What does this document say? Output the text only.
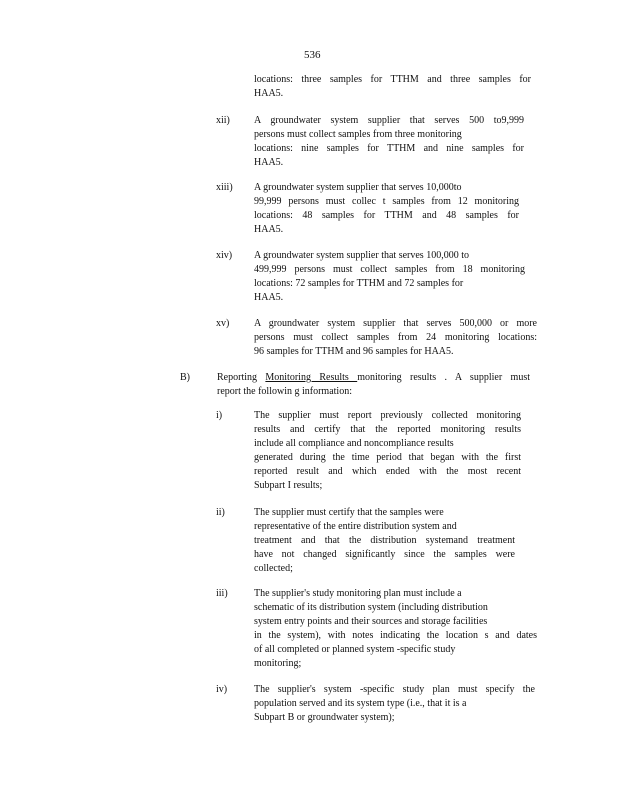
536
locations: three samples for TTHM and three samples for
HAA5.
xii) A groundwater system supplier that serves 500 to9,999
persons must collect samples from three monitoring
locations: nine samples for TTHM and nine samples for
HAA5.
xiii) A groundwater system supplier that serves 10,000to
99,999 persons must collec t samples from 12 monitoring
locations: 48 samples for TTHM and 48 samples for
HAA5.
xiv) A groundwater system supplier that serves 100,000 to
499,999 persons must collect samples from 18 monitoring
locations: 72 samples for TTHM and 72 samples for
HAA5.
xv) A groundwater system supplier that serves 500,000 or more
persons must collect samples from 24 monitoring locations:
96 samples for TTHM and 96 samples for HAA5.
B)	Reporting Monitoring Results monitoring results . A supplier must
report the followin g information:
i)	The supplier must report previously collected monitoring
results and certify that the reported monitoring results
include all compliance and noncompliance results
generated during the time period that began with the first
reported result and which ended with the most recent
Subpart I results;
ii)	The supplier must certify that the samples were
representative of the entire distribution system and
treatment and that the distribution systemand treatment
have not changed significantly since the samples were
collected;
iii)	The supplier's study monitoring plan must include a
schematic of its distribution system (including distribution
system entry points and their sources and storage facilities
in the system), with notes indicating the location s and dates
of all completed or planned system -specific study
monitoring;
iv)	The supplier's system -specific study plan must specify the
population served and its system type (i.e., that it is a
Subpart B or groundwater system);
